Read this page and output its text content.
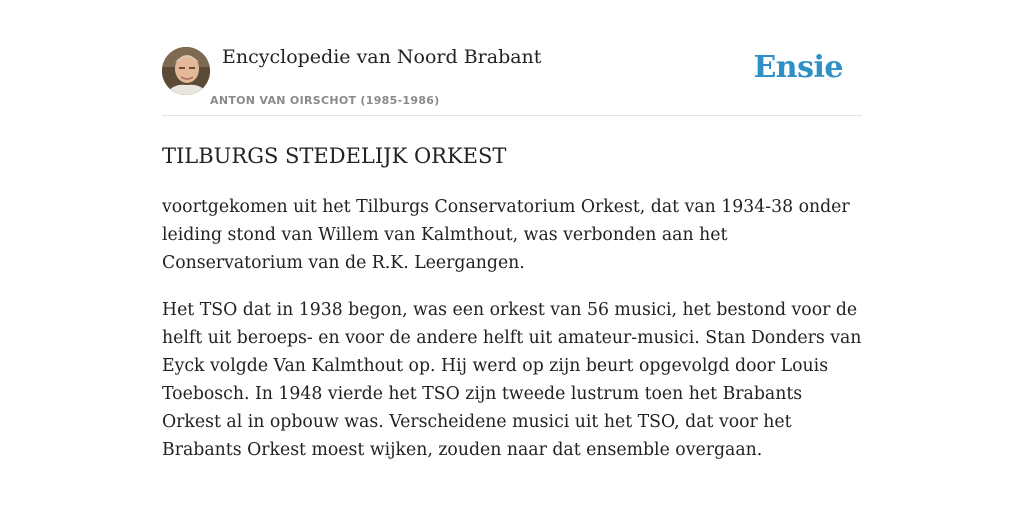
Encyclopedie van Noord Brabant
ANTON VAN OIRSCHOT (1985-1986)
Ensie
TILBURGS STEDELIJK ORKEST

voortgekomen uit het Tilburgs Conservatorium Orkest, dat van 1934-38 onder leiding stond van Willem van Kalmthout, was verbonden aan het Conservatorium van de R.K. Leergangen.

Het TSO dat in 1938 begon, was een orkest van 56 musici, het bestond voor de helft uit beroeps- en voor de andere helft uit amateur-musici. Stan Donders van Eyck volgde Van Kalmthout op. Hij werd op zijn beurt opgevolgd door Louis Toebosch. In 1948 vierde het TSO zijn tweede lustrum toen het Brabants Orkest al in opbouw was. Verscheidene musici uit het TSO, dat voor het Brabants Orkest moest wijken, zouden naar dat ensemble overgaan.
